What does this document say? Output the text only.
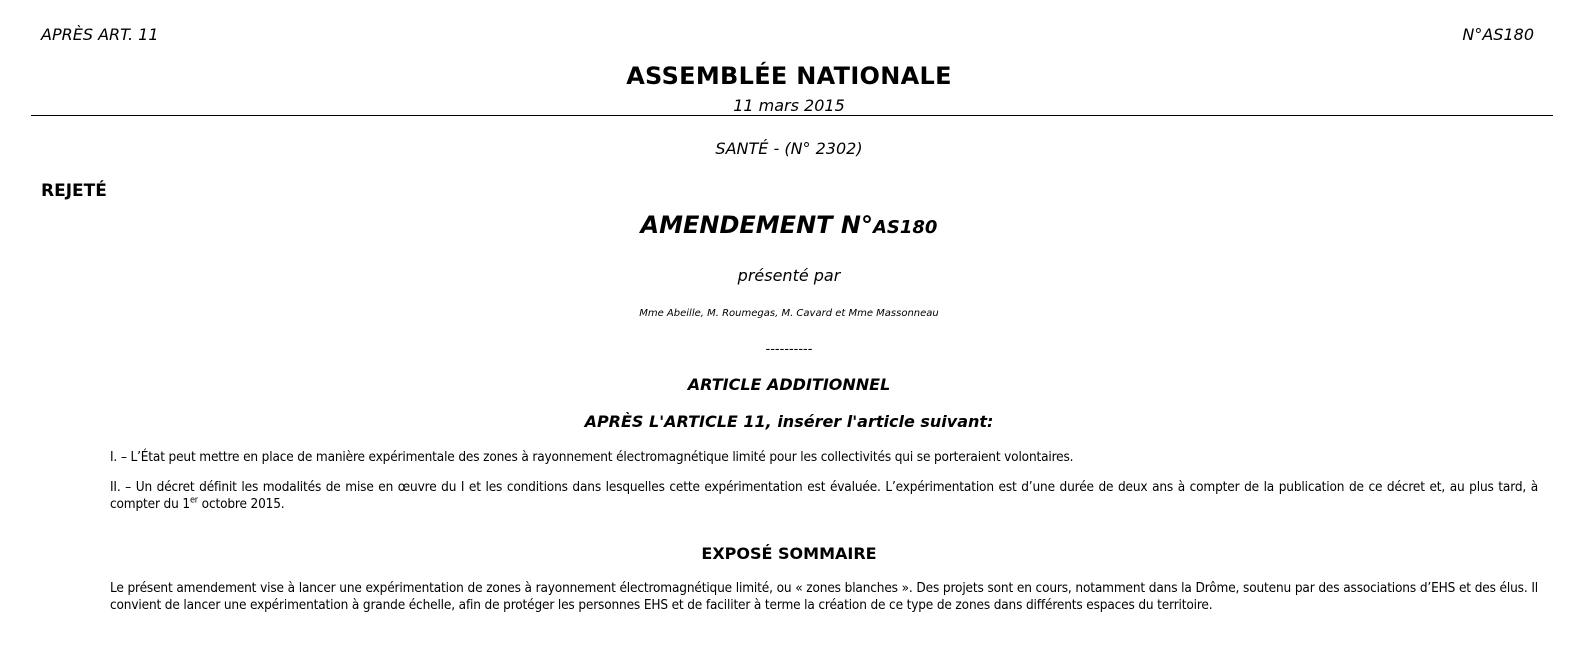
APRÈS ART. 11	N°AS180
ASSEMBLÉE NATIONALE
11 mars 2015
SANTÉ - (N° 2302)
REJETÉ
AMENDEMENT N°AS180
présenté par
Mme Abeille, M. Roumegas, M. Cavard et Mme Massonneau
----------
ARTICLE ADDITIONNEL
APRÈS L'ARTICLE 11, insérer l'article suivant:
I. – L’État peut mettre en place de manière expérimentale des zones à rayonnement électromagnétique limité pour les collectivités qui se porteraient volontaires.
II. – Un décret définit les modalités de mise en œuvre du I et les conditions dans lesquelles cette expérimentation est évaluée. L’expérimentation est d’une durée de deux ans à compter de la publication de ce décret et, au plus tard, à compter du 1er octobre 2015.
EXPOSÉ SOMMAIRE
Le présent amendement vise à lancer une expérimentation de zones à rayonnement électromagnétique limité, ou « zones blanches ». Des projets sont en cours, notamment dans la Drôme, soutenu par des associations d’EHS et des élus. Il convient de lancer une expérimentation à grande échelle, afin de protéger les personnes EHS et de faciliter à terme la création de ce type de zones dans différents espaces du territoire.
